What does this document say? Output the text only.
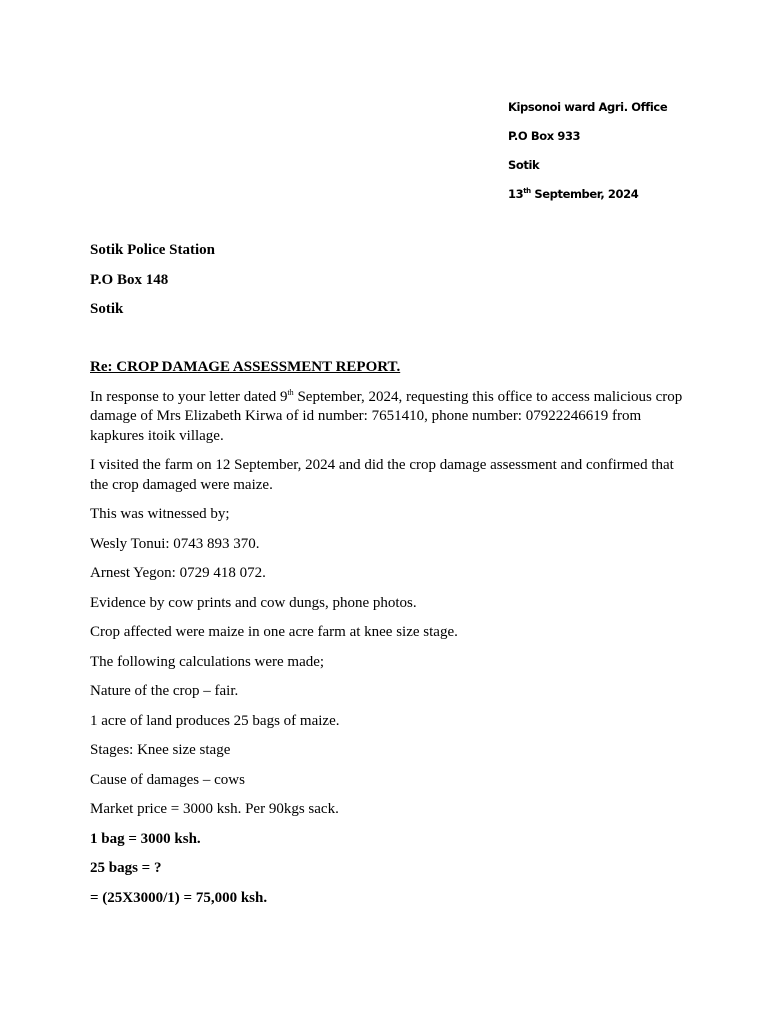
Kipsonoi ward Agri. Office

P.O Box 933

Sotik

13th September, 2024

Sotik Police Station

P.O Box 148

Sotik

Re: CROP DAMAGE ASSESSMENT REPORT.

In response to your letter dated 9th September, 2024, requesting this office to access malicious crop damage of Mrs Elizabeth Kirwa of id number: 7651410, phone number: 07922246619 from kapkures itoik village.

I visited the farm on 12 September, 2024 and did the crop damage assessment and confirmed that the crop damaged were maize.

This was witnessed by;

Wesly Tonui: 0743 893 370.

Arnest Yegon: 0729 418 072.

Evidence by cow prints and cow dungs, phone photos.

Crop affected were maize in one acre farm at knee size stage.

The following calculations were made;

Nature of the crop – fair.

1 acre of land produces 25 bags of maize.

Stages: Knee size stage

Cause of damages – cows

Market price = 3000 ksh. Per 90kgs sack.

1 bag = 3000 ksh.

25 bags = ?

= (25X3000/1) = 75,000 ksh.
